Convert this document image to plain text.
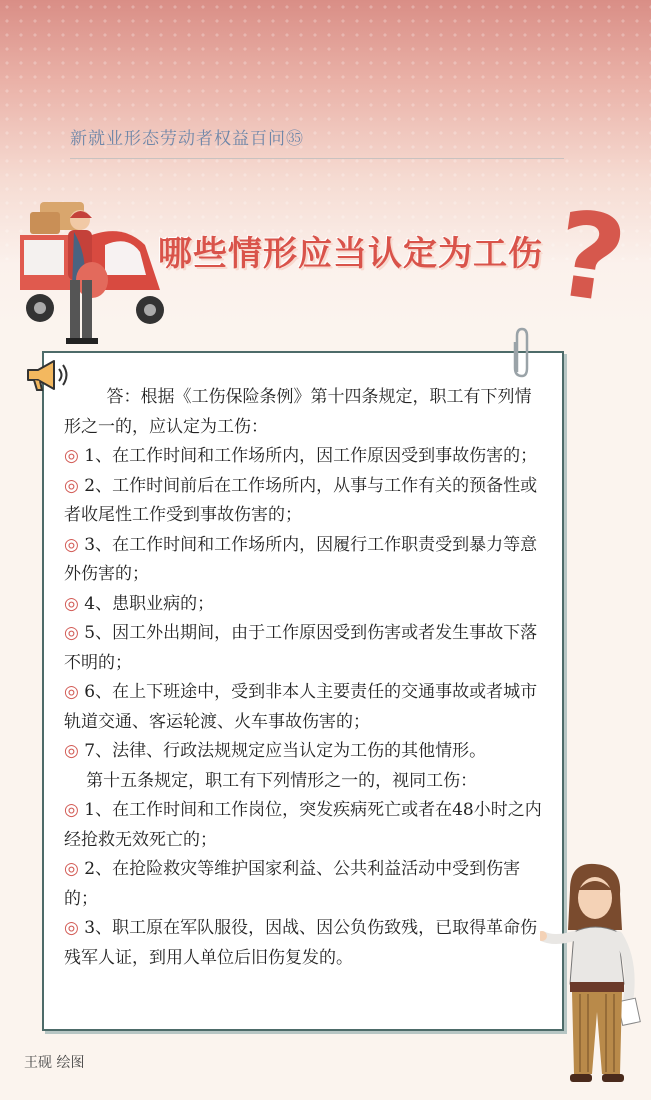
新就业形态劳动者权益百问㉟
哪些情形应当认定为工伤 ?

答：根据《工伤保险条例》第十四条规定，职工有下列情形之一的，应认定为工伤：

◎ 1、在工作时间和工作场所内，因工作原因受到事故伤害的；

◎ 2、工作时间前后在工作场所内，从事与工作有关的预备性或者收尾性工作受到事故伤害的；

◎ 3、在工作时间和工作场所内，因履行工作职责受到暴力等意外伤害的；

◎ 4、患职业病的；

◎ 5、因工外出期间，由于工作原因受到伤害或者发生事故下落不明的；

◎ 6、在上下班途中，受到非本人主要责任的交通事故或者城市轨道交通、客运轮渡、火车事故伤害的；

◎ 7、法律、行政法规规定应当认定为工伤的其他情形。

第十五条规定，职工有下列情形之一的，视同工伤：

◎ 1、在工作时间和工作岗位，突发疾病死亡或者在48小时之内经抢救无效死亡的；

◎ 2、在抢险救灾等维护国家利益、公共利益活动中受到伤害的；

◎ 3、职工原在军队服役，因战、因公负伤致残，已取得革命伤残军人证，到用人单位后旧伤复发的。

王砚 绘图
